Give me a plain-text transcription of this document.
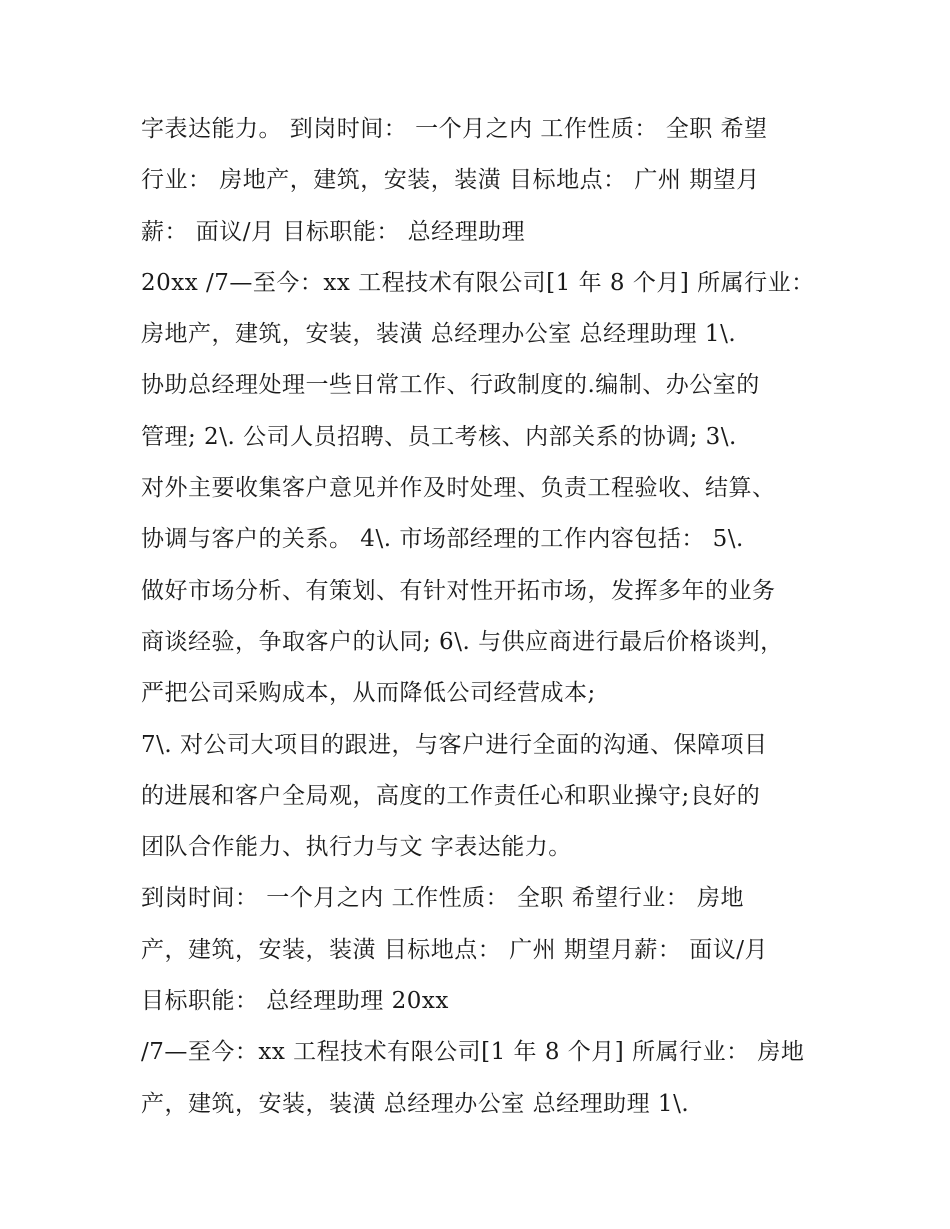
字表达能力。 到岗时间： 一个月之内 工作性质： 全职 希望
行业： 房地产，建筑，安装，装潢 目标地点： 广州 期望月
薪： 面议/月 目标职能： 总经理助理
20xx /7—至今：xx 工程技术有限公司[1 年 8 个月] 所属行业：
房地产，建筑，安装，装潢 总经理办公室 总经理助理 1\.
协助总经理处理一些日常工作、行政制度的.编制、办公室的
管理; 2\. 公司人员招聘、员工考核、内部关系的协调; 3\.
对外主要收集客户意见并作及时处理、负责工程验收、结算、
协调与客户的关系。 4\. 市场部经理的工作内容包括： 5\.
做好市场分析、有策划、有针对性开拓市场，发挥多年的业务
商谈经验，争取客户的认同; 6\. 与供应商进行最后价格谈判，
严把公司采购成本，从而降低公司经营成本;
7\. 对公司大项目的跟进，与客户进行全面的沟通、保障项目
的进展和客户全局观，高度的工作责任心和职业操守;良好的
团队合作能力、执行力与文 字表达能力。
到岗时间： 一个月之内 工作性质： 全职 希望行业： 房地
产，建筑，安装，装潢 目标地点： 广州 期望月薪： 面议/月
目标职能： 总经理助理 20xx
/7—至今：xx 工程技术有限公司[1 年 8 个月] 所属行业： 房地
产，建筑，安装，装潢 总经理办公室 总经理助理 1\.
